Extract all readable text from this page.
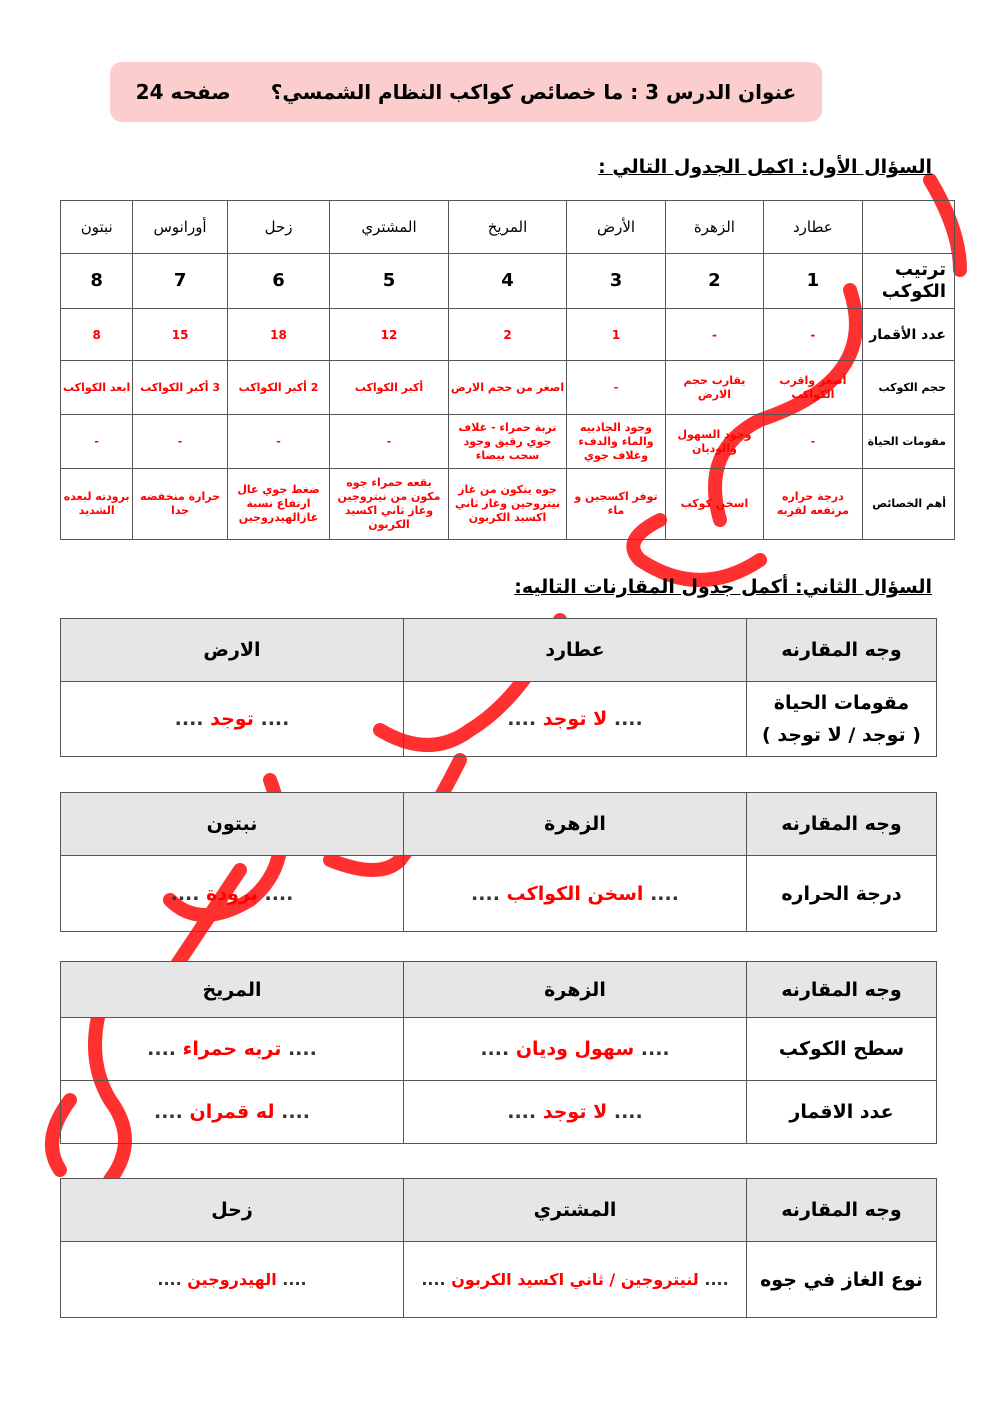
عنوان الدرس 3 : ما خصائص كواكب النظام الشمسي؟
صفحه 24
السؤال الأول: اكمل الجدول التالي :
	عطارد	الزهرة	الأرض	المريخ	المشتري	زحل	أورانوس	نبتون
ترتيب الكوكب	1	2	3	4	5	6	7	8
عدد الأقمار	-	-	1	2	12	18	15	8
حجم الكوكب	أصغر واقرب الكواكب	يقارب حجم الارض	-	اصغر من حجم الارض	أكبر الكواكب	2 أكبر الكواكب	3 أكبر الكواكب	ابعد الكواكب
مقومات الحياة	-	وجود السهول والوديان	وجود الجاذبيه والماء والدفء وغلاف جوي	تربة حمراء - غلاف جوي رقيق وجود سحب بيضاء	-	-	-	-
أهم الخصائص	درجة حراره مرتفعه لقربه	اسخن كوكب	توفر اكسجين و ماء	جوه يتكون من غاز نيتروجين وغاز ثاني اكسيد الكربون	بقعه حمراء جوه مكون من نيتروجين وغاز ثاني اكسيد الكربون	ضغط جوي عال ارتفاع نسبة غازالهيدروجين	حرارة منخفضه جدا	برودته لبعده الشديد
السؤال الثاني: أكمل جدول المقارنات التاليه:
وجه المقارنه	عطارد	الارض

مقومات الحياة
( توجد / لا توجد )	.... لا توجد ....	.... توجد ....
وجه المقارنه	الزهرة	نبتون
درجة الحراره	.... اسخن الكواكب ....	.... برودة ....
وجه المقارنه	الزهرة	المريخ
سطح الكوكب	.... سهول وديان ....	.... تربه حمراء ....
عدد الاقمار	.... لا توجد ....	.... له قمران ....
وجه المقارنه	المشتري	زحل
نوع الغاز في جوه	.... لنيتروجين / ثاني اكسيد الكربون ....	.... الهيدروجين ....
